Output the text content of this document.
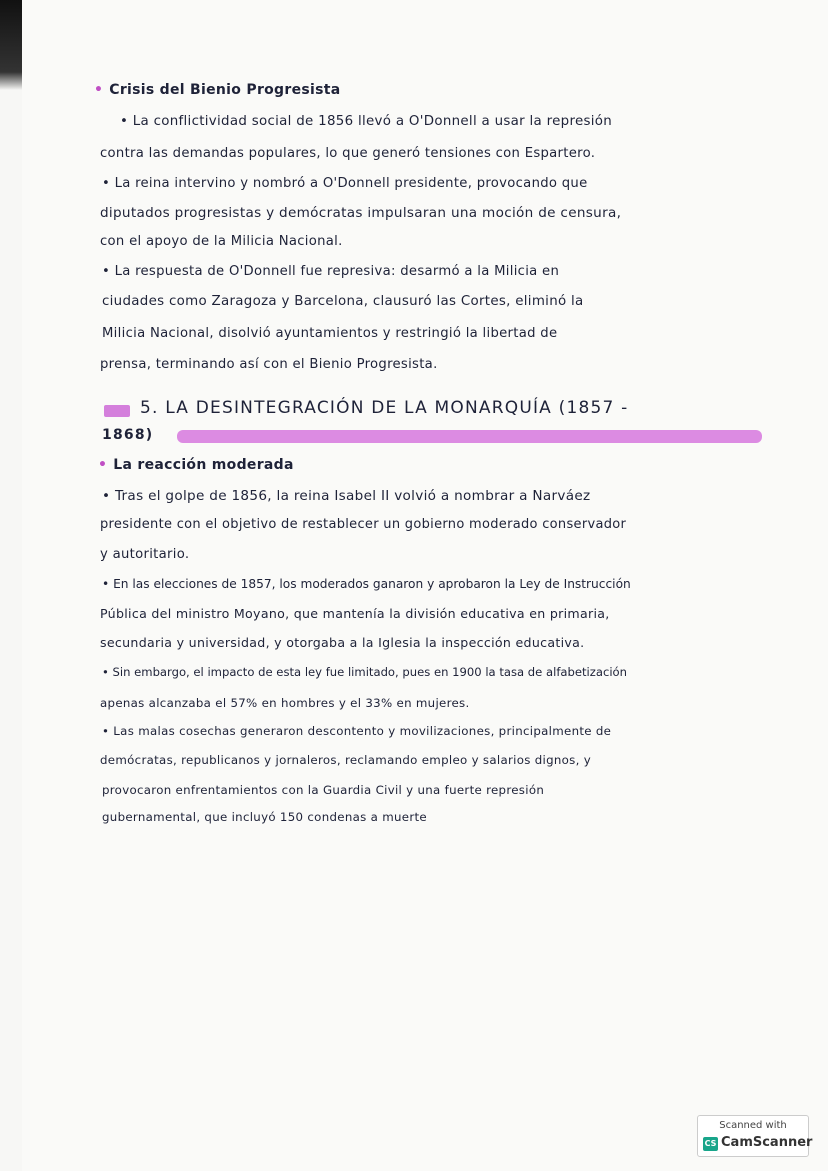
• Crisis del Bienio Progresista
• La conflictividad social de 1856 llevó a O'Donnell a usar la represión
contra las demandas populares, lo que generó tensiones con Espartero.
• La reina intervino y nombró a O'Donnell presidente, provocando que
diputados progresistas y demócratas impulsaran una moción de censura,
con el apoyo de la Milicia Nacional.
• La respuesta de O'Donnell fue represiva: desarmó a la Milicia en
ciudades como Zaragoza y Barcelona, clausuró las Cortes, eliminó la
Milicia Nacional, disolvió ayuntamientos y restringió la libertad de
prensa, terminando así con el Bienio Progresista.
5. LA DESINTEGRACIÓN DE LA MONARQUÍA (1857 -
1868)
• La reacción moderada
• Tras el golpe de 1856, la reina Isabel II volvió a nombrar a Narváez
presidente con el objetivo de restablecer un gobierno moderado conservador
y autoritario.
• En las elecciones de 1857, los moderados ganaron y aprobaron la Ley de Instrucción
Pública del ministro Moyano, que mantenía la división educativa en primaria,
secundaria y universidad, y otorgaba a la Iglesia la inspección educativa.
• Sin embargo, el impacto de esta ley fue limitado, pues en 1900 la tasa de alfabetización
apenas alcanzaba el 57% en hombres y el 33% en mujeres.
• Las malas cosechas generaron descontento y movilizaciones, principalmente de
demócratas, republicanos y jornaleros, reclamando empleo y salarios dignos, y
provocaron enfrentamientos con la Guardia Civil y una fuerte represión
gubernamental, que incluyó 150 condenas a muerte
Scanned with
CS CamScanner
